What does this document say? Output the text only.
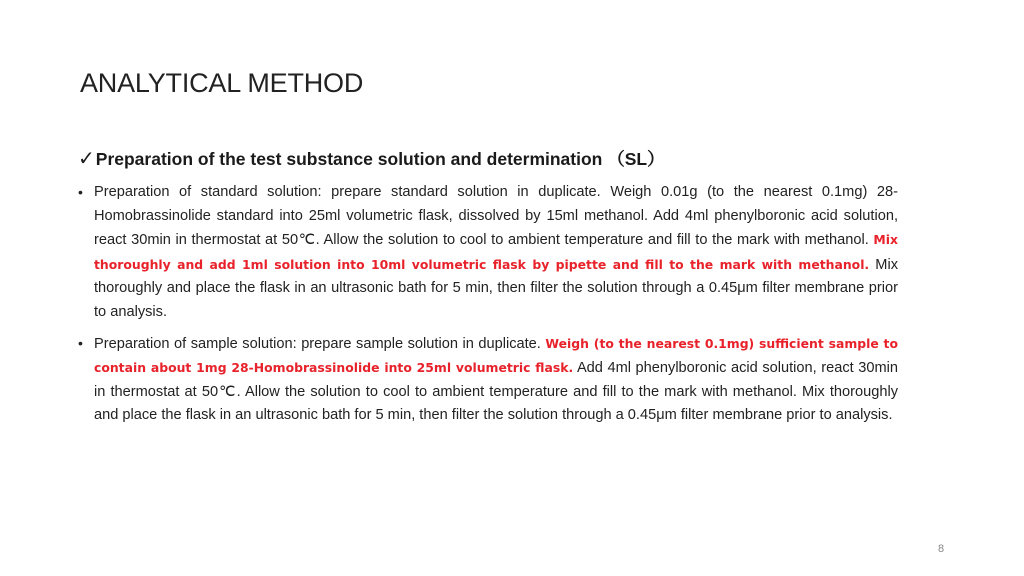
ANALYTICAL METHOD
✓Preparation of the test substance solution and determination （SL）
• Preparation of standard solution: prepare standard solution in duplicate. Weigh 0.01g (to the nearest 0.1mg) 28-Homobrassinolide standard into 25ml volumetric flask, dissolved by 15ml methanol. Add 4ml phenylboronic acid solution, react 30min in thermostat at 50℃. Allow the solution to cool to ambient temperature and fill to the mark with methanol. Mix thoroughly and add 1ml solution into 10ml volumetric flask by pipette and fill to the mark with methanol. Mix thoroughly and place the flask in an ultrasonic bath for 5 min, then filter the solution through a 0.45μm filter membrane prior to analysis.
• Preparation of sample solution: prepare sample solution in duplicate. Weigh (to the nearest 0.1mg) sufficient sample to contain about 1mg 28-Homobrassinolide into 25ml volumetric flask. Add 4ml phenylboronic acid solution, react 30min in thermostat at 50℃. Allow the solution to cool to ambient temperature and fill to the mark with methanol. Mix thoroughly and place the flask in an ultrasonic bath for 5 min, then filter the solution through a 0.45μm filter membrane prior to analysis.
8
